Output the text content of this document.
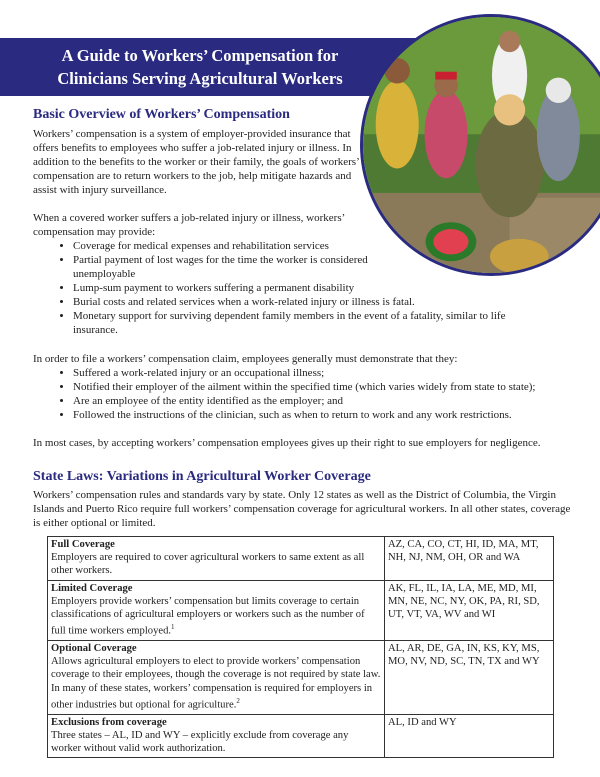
A Guide to Workers’ Compensation for
Clinicians Serving Agricultural Workers
Basic Overview of Workers’ Compensation

Workers’ compensation is a system of employer-provided insurance that offers benefits to employees who suffer a job-related injury or illness. In addition to the benefits to the worker or their family, the goals of workers’ compensation are to return workers to the job, help mitigate hazards and assist with injury surveillance.

When a covered worker suffers a job-related injury or illness, workers’ compensation may provide:

• Coverage for medical expenses and rehabilitation services
• Partial payment of lost wages for the time the worker is considered unemployable
• Lump-sum payment to workers suffering a permanent disability
• Burial costs and related services when a work-related injury or illness is fatal.
• Monetary support for surviving dependent family members in the event of a fatality, similar to life insurance.

In order to file a workers’ compensation claim, employees generally must demonstrate that they:

• Suffered a work-related injury or an occupational illness;
• Notified their employer of the ailment within the specified time (which varies widely from state to state);
• Are an employee of the entity identified as the employer; and
• Followed the instructions of the clinician, such as when to return to work and any work restrictions.

In most cases, by accepting workers’ compensation employees gives up their right to sue employers for negligence.

State Laws: Variations in Agricultural Worker Coverage

Workers’ compensation rules and standards vary by state. Only 12 states as well as the District of Columbia, the Virgin Islands and Puerto Rico require full workers’ compensation coverage for agricultural workers. In all other states, coverage is either optional or limited.

Full Coverage
Employers are required to cover agricultural workers to same extent as all other workers.	AZ, CA, CO, CT, HI, ID, MA, MT, NH, NJ, NM, OH, OR and WA

Limited Coverage
Employers provide workers’ compensation but limits coverage to certain classifications of agricultural employers or workers such as the number of full time workers employed.$^1$	AK, FL, IL, IA, LA, ME, MD, MI, MN, NE, NC, NY, OK, PA, RI, SD, UT, VT, VA, WV and WI

Optional Coverage
Allows agricultural employers to elect to provide workers’ compensation coverage to their employees, though the coverage is not required by state law. In many of these states, workers’ compensation is required for employers in other industries but optional for agriculture.$^2$	AL, AR, DE, GA, IN, KS, KY, MS, MO, NV, ND, SC, TN, TX and WY

Exclusions from coverage
Three states – AL, ID and WY – explicitly exclude from coverage any worker without valid work authorization.	AL, ID and WY
